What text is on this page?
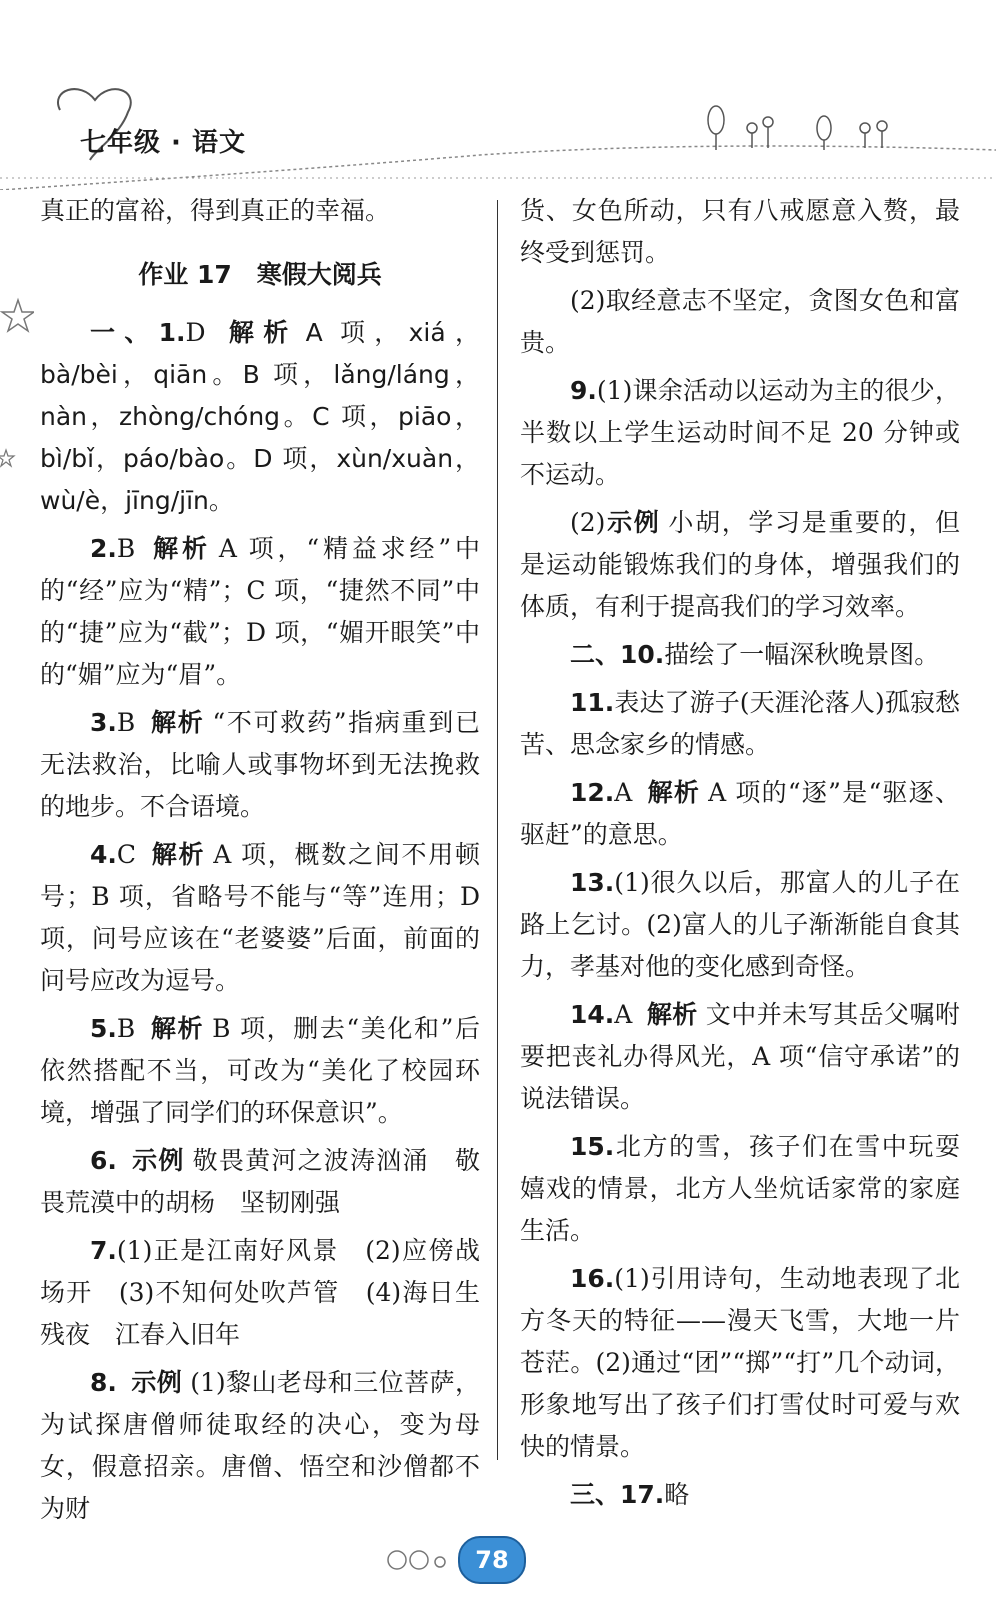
七年级 · 语文

真正的富裕，得到真正的幸福。

作业 17　寒假大阅兵

一、1.D 解析 A 项，xiá，bà/bèi，qiān。B 项，lǎng/láng，nàn，zhòng/chóng。C 项，piāo，bì/bǐ，páo/bào。D 项，xùn/xuàn，wù/è，jīng/jīn。

2.B 解析 A 项，“精益求经”中的“经”应为“精”；C 项，“捷然不同”中的“捷”应为“截”；D 项，“媚开眼笑”中的“媚”应为“眉”。

3.B 解析 “不可救药”指病重到已无法救治，比喻人或事物坏到无法挽救的地步。不合语境。

4.C 解析 A 项，概数之间不用顿号；B 项，省略号不能与“等”连用；D 项，问号应该在“老婆婆”后面，前面的问号应改为逗号。

5.B 解析 B 项，删去“美化和”后依然搭配不当，可改为“美化了校园环境，增强了同学们的环保意识”。

6. 示例 敬畏黄河之波涛汹涌　敬畏荒漠中的胡杨　坚韧刚强

7.(1)正是江南好风景　(2)应傍战场开　(3)不知何处吹芦管　(4)海日生残夜　江春入旧年

8. 示例 (1)黎山老母和三位菩萨，为试探唐僧师徒取经的决心，变为母女，假意招亲。唐僧、悟空和沙僧都不为财

货、女色所动，只有八戒愿意入赘，最终受到惩罚。

(2)取经意志不坚定，贪图女色和富贵。

9.(1)课余活动以运动为主的很少，半数以上学生运动时间不足 20 分钟或不运动。

(2)示例 小胡，学习是重要的，但是运动能锻炼我们的身体，增强我们的体质，有利于提高我们的学习效率。

二、10.描绘了一幅深秋晚景图。

11.表达了游子(天涯沦落人)孤寂愁苦、思念家乡的情感。

12.A 解析 A 项的“逐”是“驱逐、驱赶”的意思。

13.(1)很久以后，那富人的儿子在路上乞讨。(2)富人的儿子渐渐能自食其力，孝基对他的变化感到奇怪。

14.A 解析 文中并未写其岳父嘱咐要把丧礼办得风光，A 项“信守承诺”的说法错误。

15.北方的雪，孩子们在雪中玩耍嬉戏的情景，北方人坐炕话家常的家庭生活。

16.(1)引用诗句，生动地表现了北方冬天的特征——漫天飞雪，大地一片苍茫。(2)通过“团”“掷”“打”几个动词，形象地写出了孩子们打雪仗时可爱与欢快的情景。

三、17.略

78
